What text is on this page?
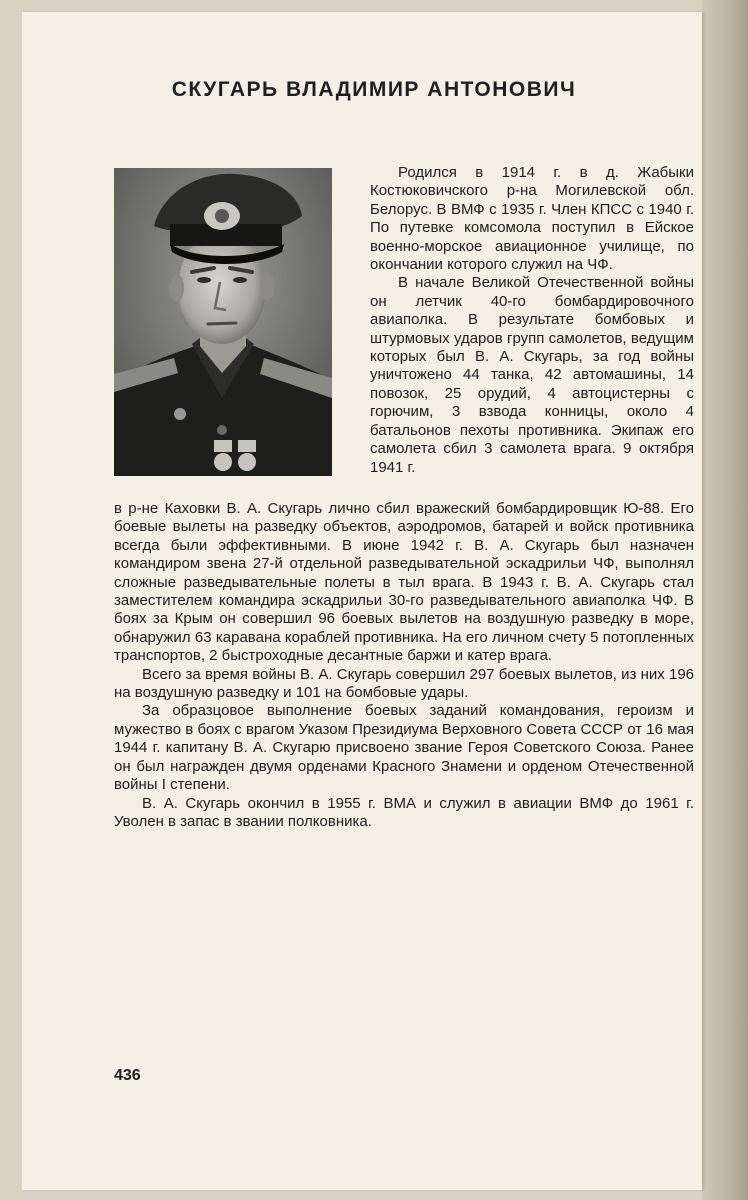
СКУГАРЬ ВЛАДИМИР АНТОНОВИЧ

Родился в 1914 г. в д. Жабыки Костюковичского р-на Могилевской обл. Белорус. В ВМФ с 1935 г. Член КПСС с 1940 г. По путевке комсомола поступил в Ейское военно-морское авиационное училище, по окончании которого служил на ЧФ.

В начале Великой Отечественной войны он летчик 40-го бомбардировочного авиаполка. В результате бомбовых и штурмовых ударов групп самолетов, ведущим которых был В. А. Скугарь, за год войны уничтожено 44 танка, 42 автомашины, 14 повозок, 25 орудий, 4 автоцистерны с горючим, 3 взвода конницы, около 4 батальонов пехоты противника. Экипаж его самолета сбил 3 самолета врага. 9 октября 1941 г.

в р-не Каховки В. А. Скугарь лично сбил вражеский бомбардировщик Ю-88. Его боевые вылеты на разведку объектов, аэродромов, батарей и войск противника всегда были эффективными. В июне 1942 г. В. А. Скугарь был назначен командиром звена 27-й отдельной разведывательной эскадрильи ЧФ, выполнял сложные разведывательные полеты в тыл врага. В 1943 г. В. А. Скугарь стал заместителем командира эскадрильи 30-го разведывательного авиаполка ЧФ. В боях за Крым он совершил 96 боевых вылетов на воздушную разведку в море, обнаружил 63 каравана кораблей противника. На его личном счету 5 потопленных транспортов, 2 быстроходные десантные баржи и катер врага.

Всего за время войны В. А. Скугарь совершил 297 боевых вылетов, из них 196 на воздушную разведку и 101 на бомбовые удары.

За образцовое выполнение боевых заданий командования, героизм и мужество в боях с врагом Указом Президиума Верховного Совета СССР от 16 мая 1944 г. капитану В. А. Скугарю присвоено звание Героя Советского Союза. Ранее он был награжден двумя орденами Красного Знамени и орденом Отечественной войны I степени.

В. А. Скугарь окончил в 1955 г. ВМА и служил в авиации ВМФ до 1961 г. Уволен в запас в звании полковника.

436
